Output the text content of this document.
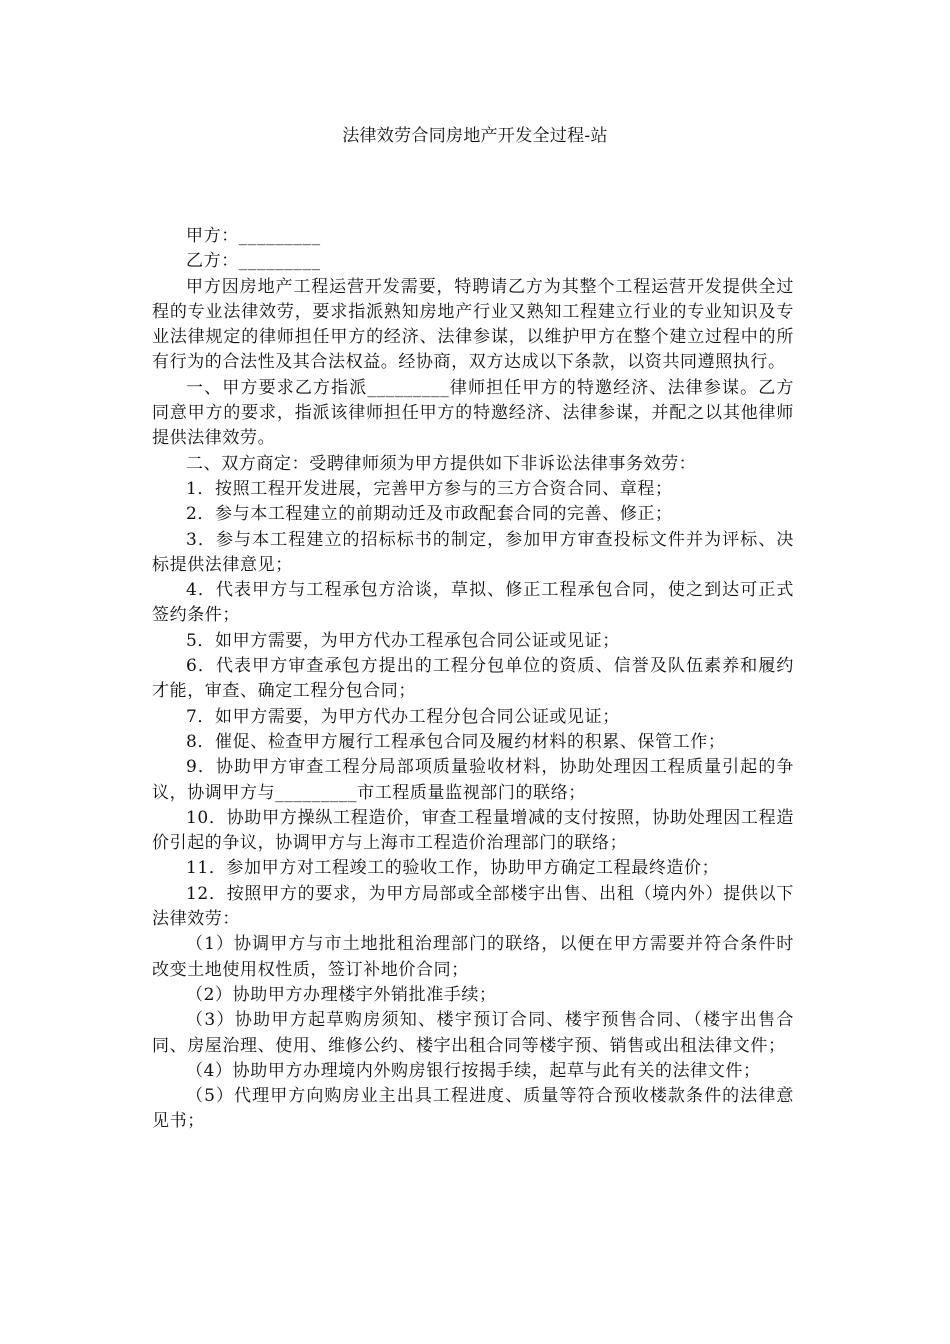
法律效劳合同房地产开发全过程-站

甲方：_________

乙方：_________

甲方因房地产工程运营开发需要，特聘请乙方为其整个工程运营开发提供全过程的专业法律效劳，要求指派熟知房地产行业又熟知工程建立行业的专业知识及专业法律规定的律师担任甲方的经济、法律参谋，以维护甲方在整个建立过程中的所有行为的合法性及其合法权益。经协商，双方达成以下条款，以资共同遵照执行。

一、甲方要求乙方指派_________律师担任甲方的特邀经济、法律参谋。乙方同意甲方的要求，指派该律师担任甲方的特邀经济、法律参谋，并配之以其他律师提供法律效劳。

二、双方商定：受聘律师须为甲方提供如下非诉讼法律事务效劳：

1．按照工程开发进展，完善甲方参与的三方合资合同、章程；

2．参与本工程建立的前期动迁及市政配套合同的完善、修正；

3．参与本工程建立的招标标书的制定，参加甲方审查投标文件并为评标、决标提供法律意见；

4．代表甲方与工程承包方洽谈，草拟、修正工程承包合同，使之到达可正式签约条件；

5．如甲方需要，为甲方代办工程承包合同公证或见证；

6．代表甲方审查承包方提出的工程分包单位的资质、信誉及队伍素养和履约才能，审查、确定工程分包合同；

7．如甲方需要，为甲方代办工程分包合同公证或见证；

8．催促、检查甲方履行工程承包合同及履约材料的积累、保管工作；

9．协助甲方审查工程分局部项质量验收材料，协助处理因工程质量引起的争议，协调甲方与_________市工程质量监视部门的联络；

10．协助甲方操纵工程造价，审查工程量增减的支付按照，协助处理因工程造价引起的争议，协调甲方与上海市工程造价治理部门的联络；

11．参加甲方对工程竣工的验收工作，协助甲方确定工程最终造价；

12．按照甲方的要求，为甲方局部或全部楼宇出售、出租（境内外）提供以下法律效劳：

（1）协调甲方与市土地批租治理部门的联络，以便在甲方需要并符合条件时改变土地使用权性质，签订补地价合同；

（2）协助甲方办理楼宇外销批准手续；

（3）协助甲方起草购房须知、楼宇预订合同、楼宇预售合同、（楼宇出售合同、房屋治理、使用、维修公约、楼宇出租合同等楼宇预、销售或出租法律文件；

（4）协助甲方办理境内外购房银行按揭手续，起草与此有关的法律文件；

（5）代理甲方向购房业主出具工程进度、质量等符合预收楼款条件的法律意见书；
